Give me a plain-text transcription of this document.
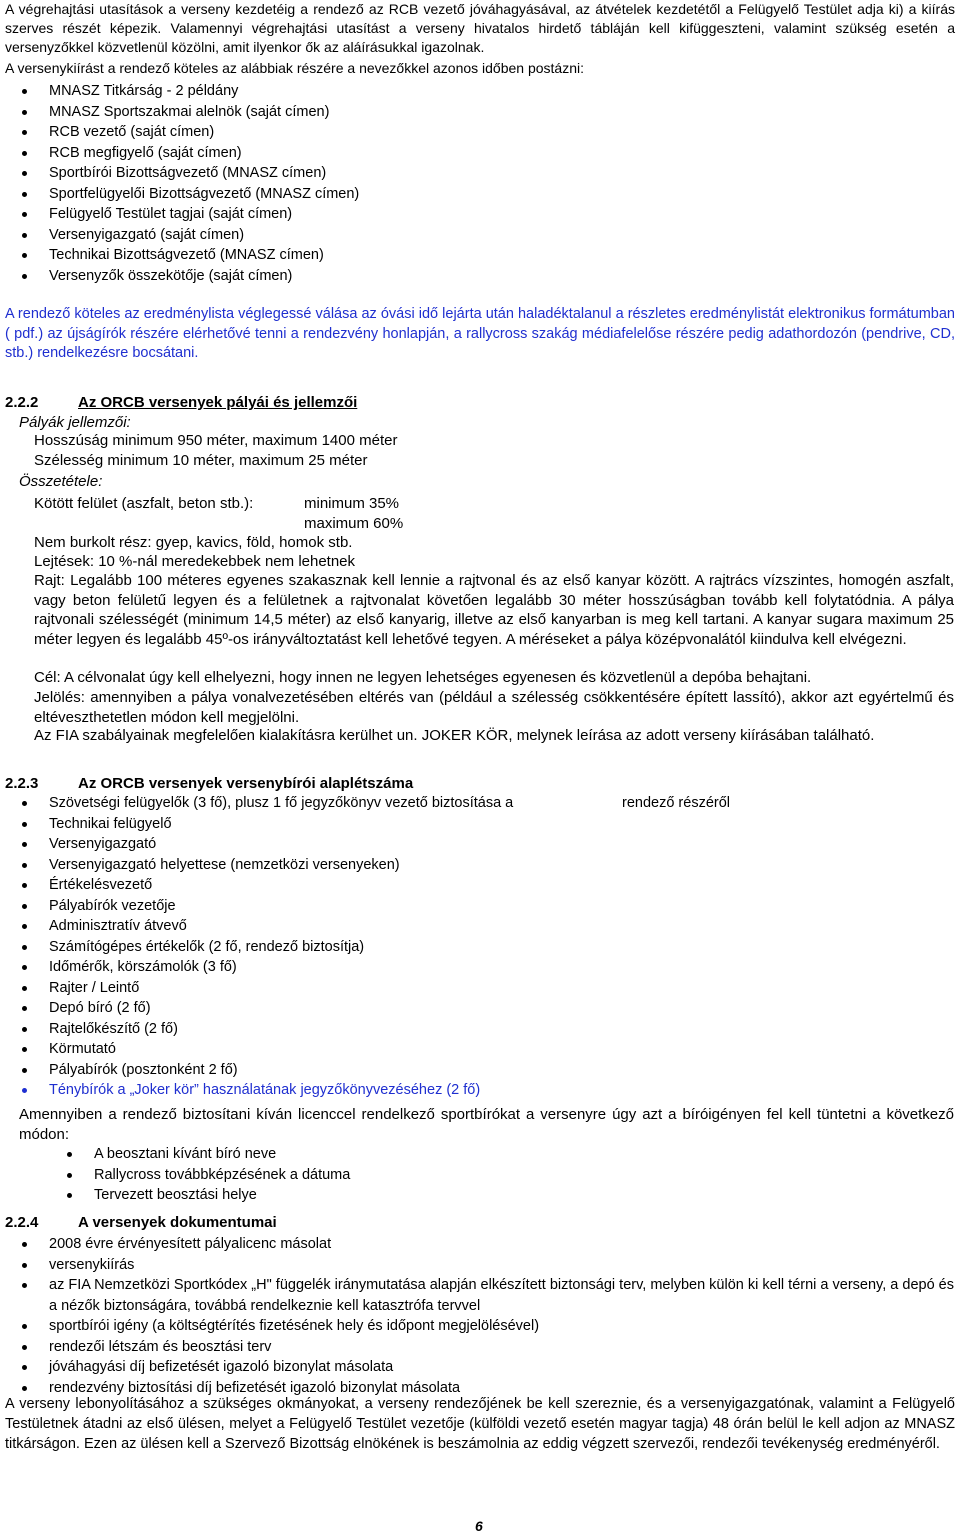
A végrehajtási utasítások a verseny kezdetéig a rendező az RCB vezető jóváhagyásával, az átvételek kezdetétől a Felügyelő Testület adja ki) a kiírás szerves részét képezik. Valamennyi végrehajtási utasítást a verseny hivatalos hirdető tábláján kell kifüggeszteni, valamint szükség esetén a versenyzőkkel közvetlenül közölni, amit ilyenkor ők az aláírásukkal igazolnak.

A versenykiírást a rendező köteles az alábbiak részére a nevezőkkel azonos időben postázni:

MNASZ Titkárság - 2 példány
MNASZ Sportszakmai alelnök (saját címen)
RCB vezető (saját címen)
RCB megfigyelő (saját címen)
Sportbírói Bizottságvezető (MNASZ címen)
Sportfelügyelői Bizottságvezető (MNASZ címen)
Felügyelő Testület tagjai (saját címen)
Versenyigazgató (saját címen)
Technikai Bizottságvezető (MNASZ címen)
Versenyzők összekötője (saját címen)

A rendező köteles az eredménylista véglegessé válása az óvási idő lejárta után haladéktalanul a részletes eredménylistát elektronikus formátumban ( pdf.) az újságírók részére elérhetővé tenni a rendezvény honlapján, a rallycross szakág médiafelelőse részére pedig adathordozón (pendrive, CD, stb.) rendelkezésre bocsátani.

2.2.2	Az ORCB versenyek pályái és jellemzői
Pályák jellemzői:
Hosszúság minimum 950 méter, maximum 1400 méter
Szélesség minimum 10 méter, maximum 25 méter
Összetétele:
Kötött felület (aszfalt, beton stb.):	minimum 35%
maximum 60%
Nem burkolt rész: gyep, kavics, föld, homok stb.
Lejtések: 10 %-nál meredekebbek nem lehetnek

Rajt: Legalább 100 méteres egyenes szakasznak kell lennie a rajtvonal és az első kanyar között. A rajtrács vízszintes, homogén aszfalt, vagy beton felületű legyen és a felületnek a rajtvonalat követően legalább 30 méter hosszúságban tovább kell folytatódnia. A pálya rajtvonali szélességét (minimum 14,5 méter) az első kanyarig, illetve az első kanyarban is meg kell tartani. A kanyar sugara maximum 25 méter legyen és legalább 45º-os irányváltoztatást kell lehetővé tegyen. A méréseket a pálya középvonalától kiindulva kell elvégezni.

Cél: A célvonalat úgy kell elhelyezni, hogy innen ne legyen lehetséges egyenesen és közvetlenül a depóba behajtani.

Jelölés: amennyiben a pálya vonalvezetésében eltérés van (például a szélesség csökkentésére épített lassító), akkor azt egyértelmű és eltéveszthetetlen módon kell megjelölni.

Az FIA szabályainak megfelelően kialakításra kerülhet un. JOKER KÖR, melynek leírása az adott verseny kiírásában található.

2.2.3	Az ORCB versenyek versenybírói alaplétszáma
Szövetségi felügyelők (3 fő), plusz 1 fő jegyzőkönyv vezető biztosítása a	rendező részéről
Technikai felügyelő
Versenyigazgató
Versenyigazgató helyettese (nemzetközi versenyeken)
Értékelésvezető
Pályabírók vezetője
Adminisztratív átvevő
Számítógépes értékelők (2 fő, rendező biztosítja)
Időmérők, körszámolók (3 fő)
Rajter / Leintő
Depó bíró (2 fő)
Rajtelőkészítő (2 fő)
Körmutató
Pályabírók (posztonként 2 fő)
Ténybírók a „Joker kör” használatának jegyzőkönyvezéséhez (2 fő)

Amennyiben a rendező biztosítani kíván licenccel rendelkező sportbírókat a versenyre úgy azt a bíróigényen fel kell tüntetni a következő módon:

A beosztani kívánt bíró neve
Rallycross továbbképzésének a dátuma
Tervezett beosztási helye
2.2.4	A versenyek dokumentumai
2008 évre érvényesített pályalicenc másolat
versenykiírás
az FIA Nemzetközi Sportkódex „H" függelék iránymutatása alapján elkészített biztonsági terv, melyben külön ki kell térni a verseny, a depó és a nézők biztonságára, továbbá rendelkeznie kell katasztrófa tervvel
sportbírói igény (a költségtérítés fizetésének hely és időpont megjelölésével)
rendezői létszám és beosztási terv
jóváhagyási díj befizetését igazoló bizonylat másolata
rendezvény biztosítási díj befizetését igazoló bizonylat másolata

A verseny lebonyolításához a szükséges okmányokat, a verseny rendezőjének be kell szereznie, és a versenyigazgatónak, valamint a Felügyelő Testületnek átadni az első ülésen, melyet a Felügyelő Testület vezetője (külföldi vezető esetén magyar tagja) 48 órán belül le kell adjon az MNASZ titkárságon. Ezen az ülésen kell a Szervező Bizottság elnökének is beszámolnia az eddig végzett szervezői, rendezői tevékenység eredményéről.

6
